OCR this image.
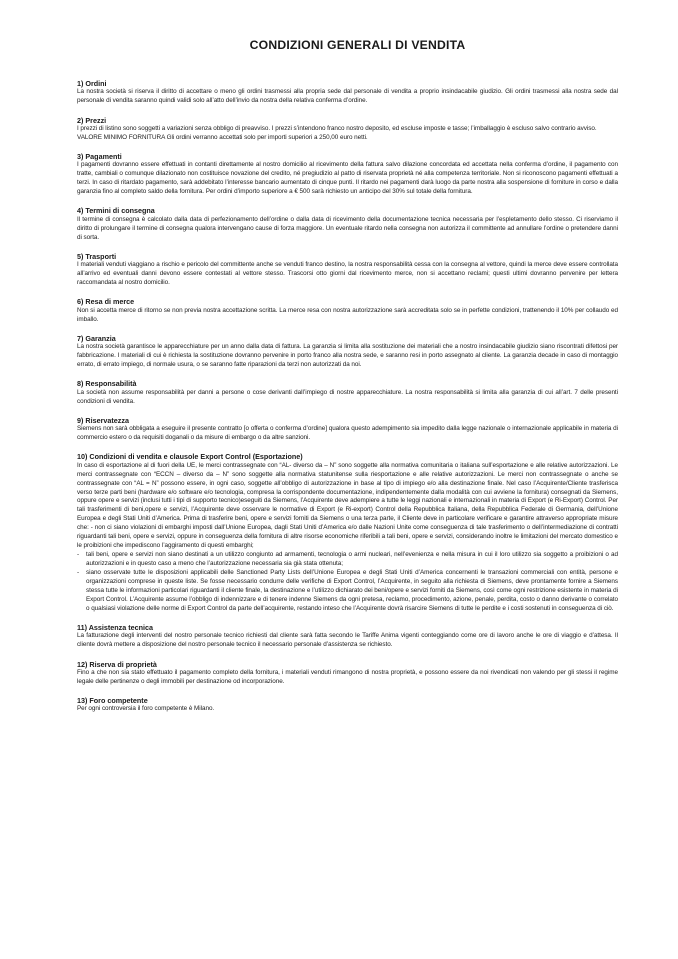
CONDIZIONI GENERALI DI VENDITA

1) Ordini

La nostra società si riserva il diritto di accettare o meno gli ordini trasmessi alla propria sede dal personale di vendita a proprio insindacabile giudizio. Gli ordini trasmessi alla nostra sede dal personale di vendita saranno quindi validi solo all’atto dell’invio da nostra della relativa conferma d’ordine.

2) Prezzi

I prezzi di listino sono soggetti a variazioni senza obbligo di preavviso. I prezzi s’intendono franco nostro deposito, ed escluse imposte e tasse; l’imballaggio è escluso salvo contrario avviso.

VALORE MINIMO FORNITURA Gli ordini verranno accettati solo per importi superiori a 250,00 euro netti.

3) Pagamenti

I pagamenti dovranno essere effettuati in contanti direttamente al nostro domicilio al ricevimento della fattura salvo dilazione concordata ed accettata nella conferma d’ordine, il pagamento con tratte, cambiali o comunque dilazionato non costituisce novazione del credito, né pregiudizio al patto di riservata proprietà né alla competenza territoriale. Non si riconoscono pagamenti effettuati a terzi. In caso di ritardato pagamento, sarà addebitato l’interesse bancario aumentato di cinque punti. Il ritardo nei pagamenti darà luogo da parte nostra alla sospensione di forniture in corso e dalla garanzia fino al completo saldo della fornitura. Per ordini d’importo superiore a € 500 sarà richiesto un anticipo del 30% sul totale della fornitura.

4) Termini di consegna

Il termine di consegna è calcolato dalla data di perfezionamento dell’ordine o dalla data di ricevimento della documentazione tecnica necessaria per l’espletamento dello stesso. Ci riserviamo il diritto di prolungare il termine di consegna qualora intervengano cause di forza maggiore. Un eventuale ritardo nella consegna non autorizza il committente ad annullare l’ordine o pretendere danni di sorta.

5) Trasporti

I materiali venduti viaggiano a rischio e pericolo del committente anche se venduti franco destino, la nostra responsabilità cessa con la consegna al vettore, quindi la merce deve essere controllata all’arrivo ed eventuali danni devono essere contestati al vettore stesso. Trascorsi otto giorni dal ricevimento merce, non si accettano reclami; questi ultimi dovranno pervenire per lettera raccomandata al nostro domicilio.

6) Resa di merce

Non si accetta merce di ritorno se non previa nostra accettazione scritta. La merce resa con nostra autorizzazione sarà accreditata solo se in perfette condizioni, trattenendo il 10% per collaudo ed imballo.

7) Garanzia

La nostra società garantisce le apparecchiature per un anno dalla data di fattura. La garanzia si limita alla sostituzione dei materiali che a nostro insindacabile giudizio siano riscontrati difettosi per fabbricazione. I materiali di cui è richiesta la sostituzione dovranno pervenire in porto franco alla nostra sede, e saranno resi in porto assegnato al cliente. La garanzia decade in caso di montaggio errato, di errato impiego, di normale usura, o se saranno fatte riparazioni da terzi non autorizzati da noi.

8) Responsabilità

La società non assume responsabilità per danni a persone o cose derivanti dall’impiego di nostre apparecchiature. La nostra responsabilità si limita alla garanzia di cui all’art. 7 delle presenti condizioni di vendita.

9) Riservatezza

Siemens non sarà obbligata a eseguire il presente contratto [o offerta o conferma d’ordine] qualora questo adempimento sia impedito dalla legge nazionale o internazionale applicabile in materia di commercio estero o da requisiti doganali o da misure di embargo o da altre sanzioni.

10) Condizioni di vendita e clausole Export Control (Esportazione)

In caso di esportazione al di fuori della UE, le merci contrassegnate con “AL- diverso da – N” sono soggette alla normativa comunitaria o italiana sull’esportazione e alle relative autorizzazioni. Le merci contrassegnate con “ECCN – diverso da – N” sono soggette alla normativa statunitense sulla riesportazione e alle relative autorizzazioni. Le merci non contrassegnate o anche se contrassegnate con “AL = N” possono essere, in ogni caso, soggette all’obbligo di autorizzazione in base al tipo di impiego e/o alla destinazione finale. Nel caso l’Acquirente/Cliente trasferisca verso terze parti beni (hardware e/o software e/o tecnologia, compresa la corrispondente documentazione, indipendentemente dalla modalità con cui avviene la fornitura) consegnati da Siemens, oppure opere e servizi (inclusi tutti i tipi di supporto tecnico)eseguiti da Siemens, l’Acquirente deve adempiere a tutte le leggi nazionali e internazionali in materia di Export (e Ri-Export) Control. Per tali trasferimenti di beni,opere e servizi, l’Acquirente deve osservare le normative di Export (e Ri-export) Control della Repubblica Italiana, della Repubblica Federale di Germania, dell’Unione Europea e degli Stati Uniti d’America. Prima di trasferire beni, opere e servizi forniti da Siemens o una terza parte, il Cliente deve in particolare verificare e garantire attraverso appropriate misure che: - non ci siano violazioni di embarghi imposti dall’Unione Europea, dagli Stati Uniti d’America e/o dalle Nazioni Unite come conseguenza di tale trasferimento o dell’intermediazione di contratti riguardanti tali beni, opere e servizi, oppure in conseguenza della fornitura di altre risorse economiche riferibili a tali beni, opere e servizi, considerando inoltre le limitazioni del mercato domestico e le proibizioni che impediscono l’aggiramento di questi embarghi;

- tali beni, opere e servizi non siano destinati a un utilizzo congiunto ad armamenti, tecnologia o armi nucleari, nell’evenienza e nella misura in cui il loro utilizzo sia soggetto a proibizioni o ad autorizzazioni e in questo caso a meno che l’autorizzazione necessaria sia già stata ottenuta;
- siano osservate tutte le disposizioni applicabili delle Sanctioned Party Lists dell’Unione Europea e degli Stati Uniti d’America concernenti le transazioni commerciali con entità, persone e organizzazioni comprese in queste liste. Se fosse necessario condurre delle verifiche di Export Control, l’Acquirente, in seguito alla richiesta di Siemens, deve prontamente fornire a Siemens stessa tutte le informazioni particolari riguardanti il cliente finale, la destinazione e l’utilizzo dichiarato dei beni/opere e servizi forniti da Siemens, così come ogni restrizione esistente in materia di Export Control. L’Acquirente assume l’obbligo di indennizzare e di tenere indenne Siemens da ogni pretesa, reclamo, procedimento, azione, penale, perdita, costo o danno derivante o correlato o qualsiasi violazione delle norme di Export Control da parte dell’acquirente, restando inteso che l’Acquirente dovrà risarcire Siemens di tutte le perdite e i costi sostenuti in conseguenza di ciò.

11) Assistenza tecnica

La fatturazione degli interventi del nostro personale tecnico richiesti dal cliente sarà fatta secondo le Tariffe Anima vigenti conteggiando come ore di lavoro anche le ore di viaggio e d’attesa. Il cliente dovrà mettere a disposizione del nostro personale tecnico il necessario personale d’assistenza se richiesto.

12) Riserva di proprietà

Fino a che non sia stato effettuato il pagamento completo della fornitura, i materiali venduti rimangono di nostra proprietà, e possono essere da noi rivendicati non valendo per gli stessi il regime legale delle pertinenze o degli immobili per destinazione od incorporazione.

13) Foro competente

Per ogni controversia il foro competente è Milano.
